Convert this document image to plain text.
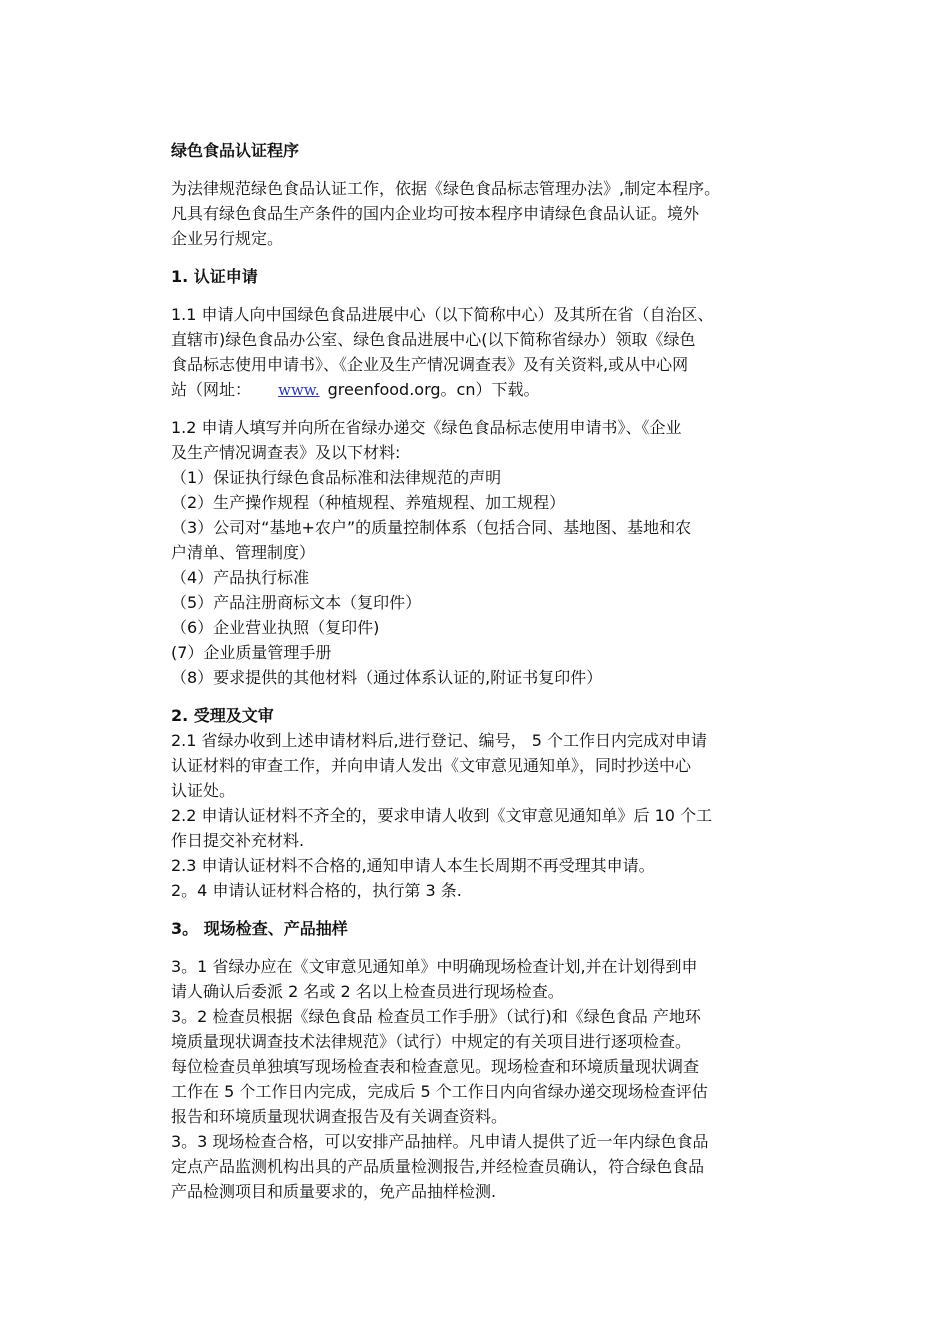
绿色食品认证程序
为法律规范绿色食品认证工作，依据《绿色食品标志管理办法》,制定本程序。
凡具有绿色食品生产条件的国内企业均可按本程序申请绿色食品认证。境外
企业另行规定。
1. 认证申请
1.1 申请人向中国绿色食品进展中心（以下简称中心）及其所在省（自治区、
直辖市)绿色食品办公室、绿色食品进展中心(以下简称省绿办）领取《绿色
食品标志使用申请书》、《企业及生产情况调查表》及有关资料,或从中心网
站（网址： www. greenfood.org。cn）下载。
1.2 申请人填写并向所在省绿办递交《绿色食品标志使用申请书》、《企业
及生产情况调查表》及以下材料:
（1）保证执行绿色食品标准和法律规范的声明
（2）生产操作规程（种植规程、养殖规程、加工规程）
（3）公司对“基地+农户”的质量控制体系（包括合同、基地图、基地和农
户清单、管理制度）
（4）产品执行标准
（5）产品注册商标文本（复印件）
（6）企业营业执照（复印件)
(7）企业质量管理手册
（8）要求提供的其他材料（通过体系认证的,附证书复印件）
2. 受理及文审
2.1 省绿办收到上述申请材料后,进行登记、编号， 5 个工作日内完成对申请
认证材料的审查工作，并向申请人发出《文审意见通知单》，同时抄送中心
认证处。
2.2 申请认证材料不齐全的，要求申请人收到《文审意见通知单》后 10 个工
作日提交补充材料.
2.3 申请认证材料不合格的,通知申请人本生长周期不再受理其申请。
2。4 申请认证材料合格的，执行第 3 条.
3。 现场检查、产品抽样
3。1 省绿办应在《文审意见通知单》中明确现场检查计划,并在计划得到申
请人确认后委派 2 名或 2 名以上检查员进行现场检查。
3。2 检查员根据《绿色食品 检查员工作手册》（试行)和《绿色食品 产地环
境质量现状调查技术法律规范》（试行）中规定的有关项目进行逐项检查。
每位检查员单独填写现场检查表和检查意见。现场检查和环境质量现状调查
工作在 5 个工作日内完成，完成后 5 个工作日内向省绿办递交现场检查评估
报告和环境质量现状调查报告及有关调查资料。
3。3 现场检查合格，可以安排产品抽样。凡申请人提供了近一年内绿色食品
定点产品监测机构出具的产品质量检测报告,并经检查员确认，符合绿色食品
产品检测项目和质量要求的，免产品抽样检测.
